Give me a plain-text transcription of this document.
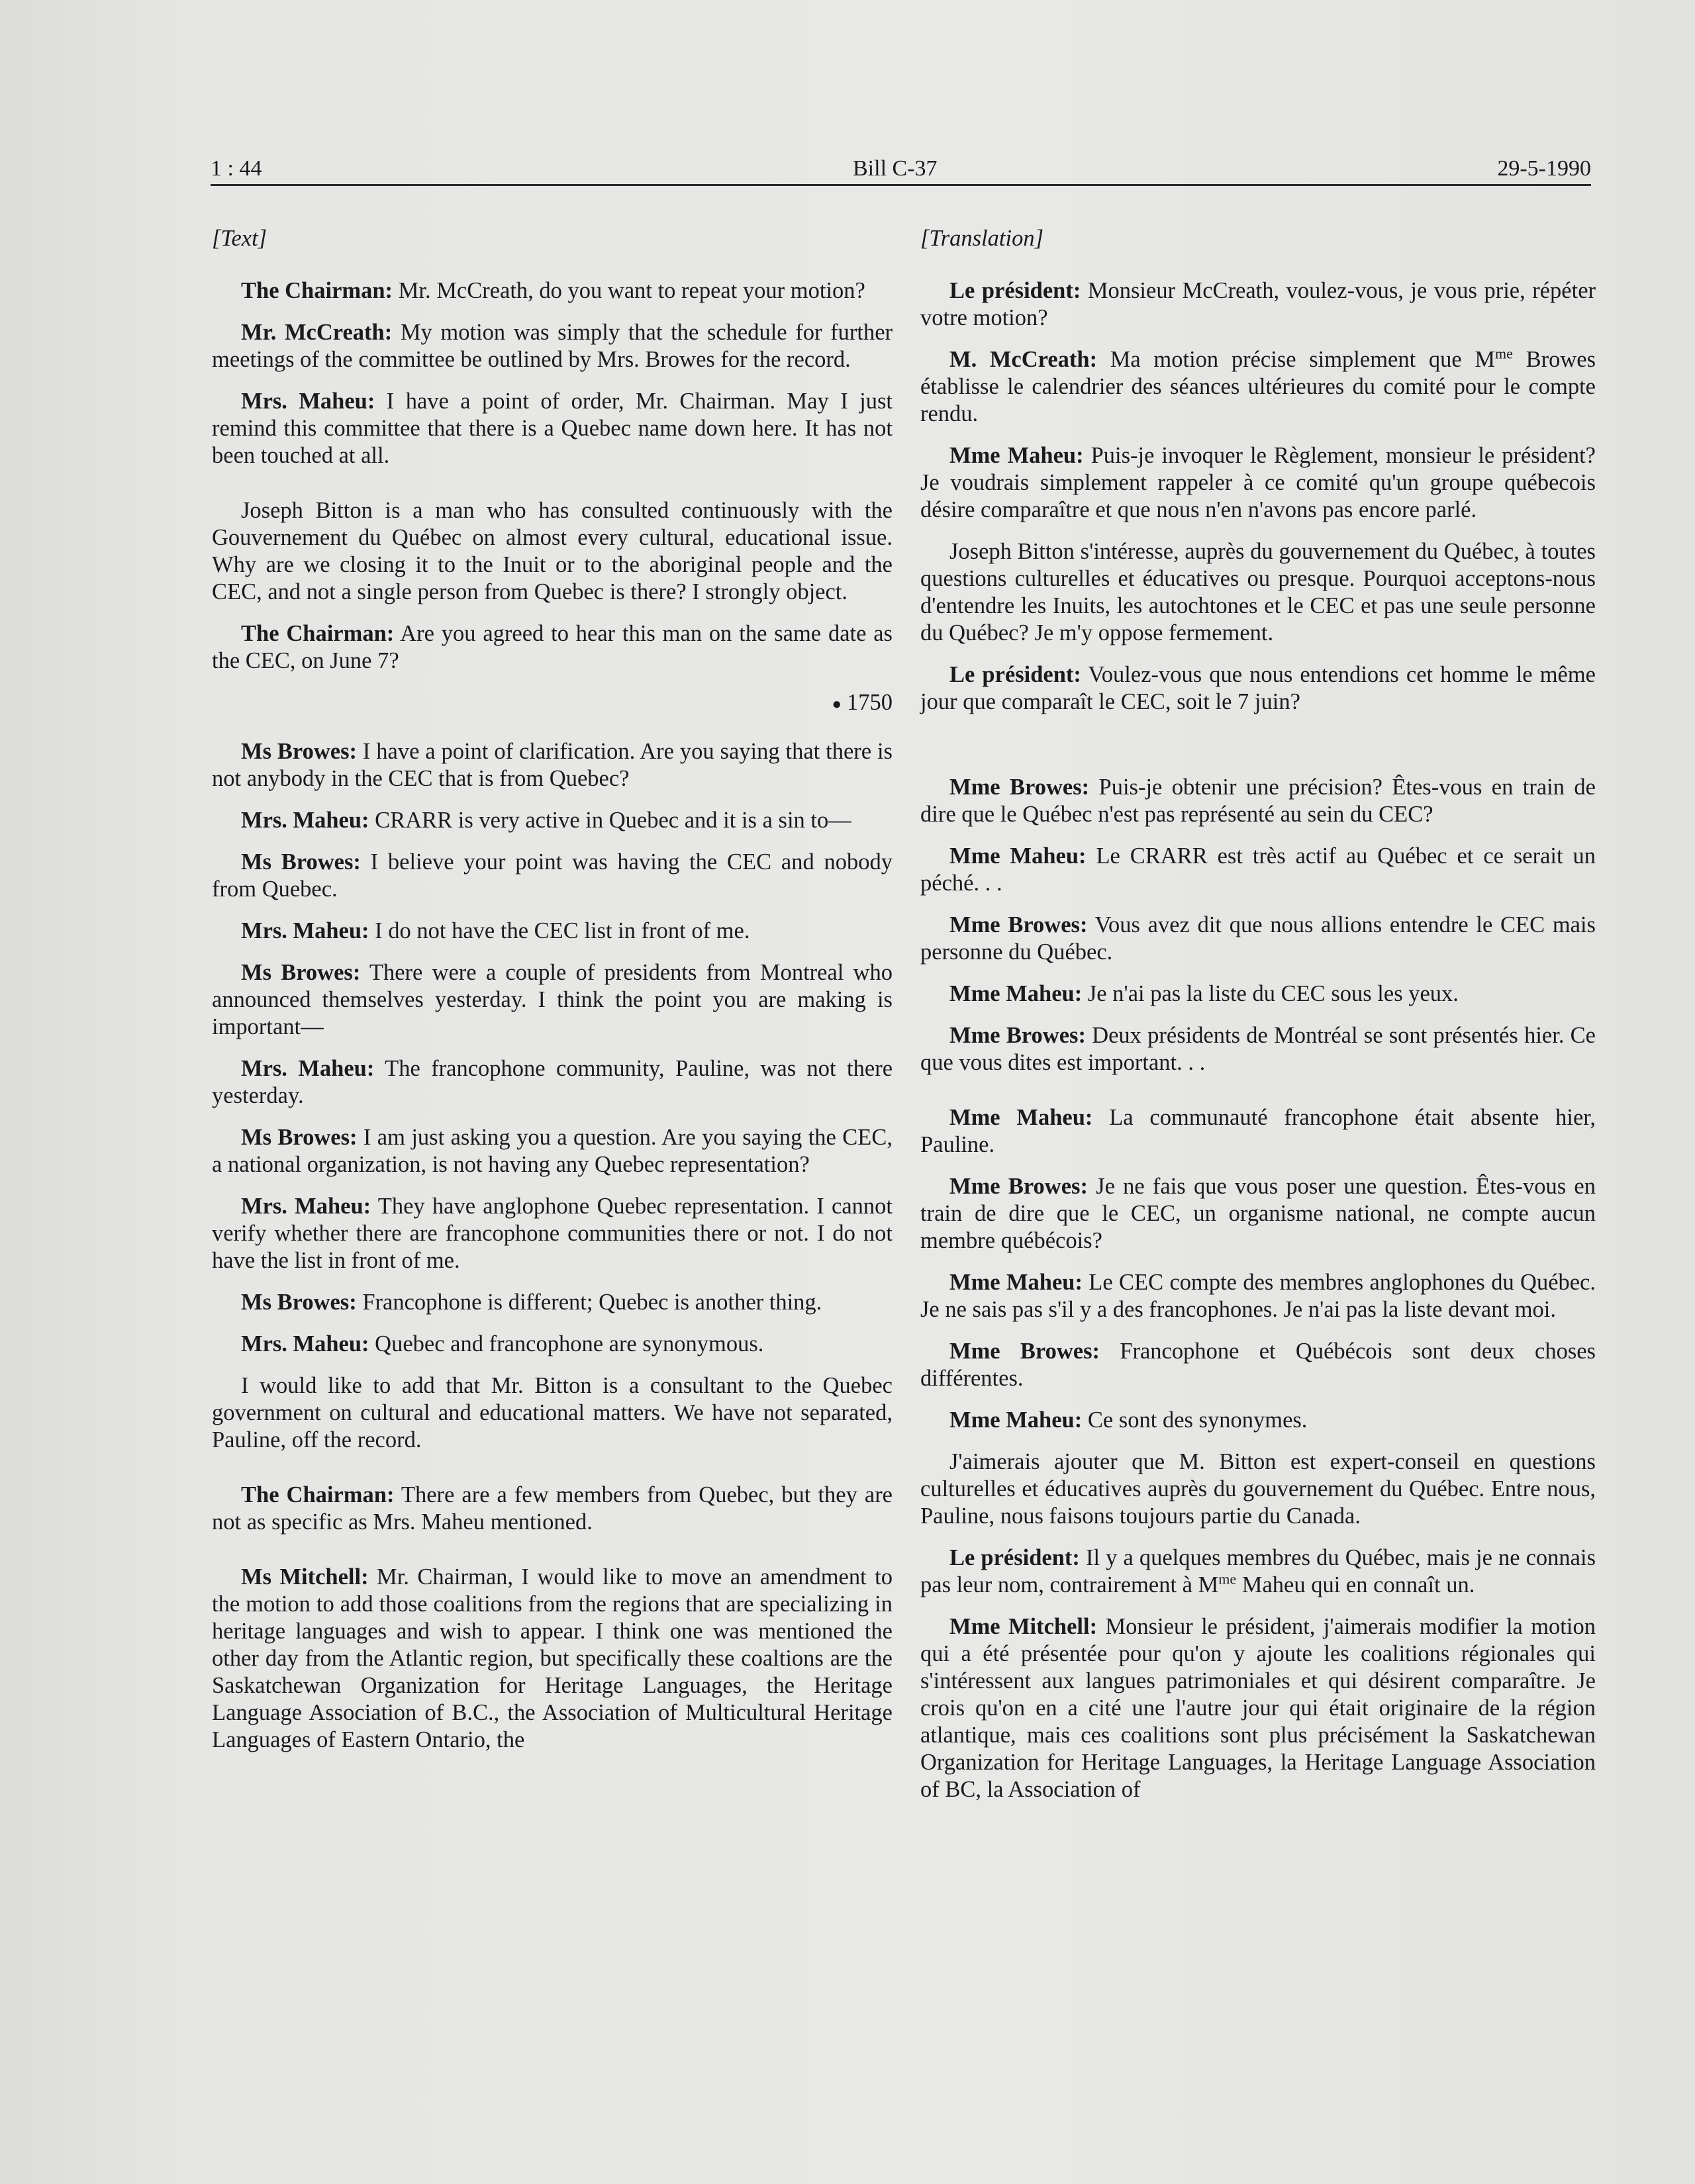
1 : 44	Bill C-37	29-5-1990
[Text]

The Chairman: Mr. McCreath, do you want to repeat your motion?

Mr. McCreath: My motion was simply that the schedule for further meetings of the committee be outlined by Mrs. Browes for the record.

Mrs. Maheu: I have a point of order, Mr. Chairman. May I just remind this committee that there is a Quebec name down here. It has not been touched at all.

Joseph Bitton is a man who has consulted continuously with the Gouvernement du Québec on almost every cultural, educational issue. Why are we closing it to the Inuit or to the aboriginal people and the CEC, and not a single person from Quebec is there? I strongly object.

The Chairman: Are you agreed to hear this man on the same date as the CEC, on June 7?

● 1750

Ms Browes: I have a point of clarification. Are you saying that there is not anybody in the CEC that is from Quebec?

Mrs. Maheu: CRARR is very active in Quebec and it is a sin to—

Ms Browes: I believe your point was having the CEC and nobody from Quebec.

Mrs. Maheu: I do not have the CEC list in front of me.

Ms Browes: There were a couple of presidents from Montreal who announced themselves yesterday. I think the point you are making is important—

Mrs. Maheu: The francophone community, Pauline, was not there yesterday.

Ms Browes: I am just asking you a question. Are you saying the CEC, a national organization, is not having any Quebec representation?

Mrs. Maheu: They have anglophone Quebec representation. I cannot verify whether there are francophone communities there or not. I do not have the list in front of me.

Ms Browes: Francophone is different; Quebec is another thing.

Mrs. Maheu: Quebec and francophone are synonymous.

I would like to add that Mr. Bitton is a consultant to the Quebec government on cultural and educational matters. We have not separated, Pauline, off the record.

The Chairman: There are a few members from Quebec, but they are not as specific as Mrs. Maheu mentioned.

Ms Mitchell: Mr. Chairman, I would like to move an amendment to the motion to add those coalitions from the regions that are specializing in heritage languages and wish to appear. I think one was mentioned the other day from the Atlantic region, but specifically these coaltions are the Saskatchewan Organization for Heritage Languages, the Heritage Language Association of B.C., the Association of Multicultural Heritage Languages of Eastern Ontario, the

[Translation]

Le président: Monsieur McCreath, voulez-vous, je vous prie, répéter votre motion?

M. McCreath: Ma motion précise simplement que $M^{me}$ Browes établisse le calendrier des séances ultérieures du comité pour le compte rendu.

Mme Maheu: Puis-je invoquer le Règlement, monsieur le président? Je voudrais simplement rappeler à ce comité qu'un groupe québecois désire comparaître et que nous n'en n'avons pas encore parlé.

Joseph Bitton s'intéresse, auprès du gouvernement du Québec, à toutes questions culturelles et éducatives ou presque. Pourquoi acceptons-nous d'entendre les Inuits, les autochtones et le CEC et pas une seule personne du Québec? Je m'y oppose fermement.

Le président: Voulez-vous que nous entendions cet homme le même jour que comparaît le CEC, soit le 7 juin?

Mme Browes: Puis-je obtenir une précision? Êtes-vous en train de dire que le Québec n'est pas représenté au sein du CEC?

Mme Maheu: Le CRARR est très actif au Québec et ce serait un péché. . .

Mme Browes: Vous avez dit que nous allions entendre le CEC mais personne du Québec.

Mme Maheu: Je n'ai pas la liste du CEC sous les yeux.

Mme Browes: Deux présidents de Montréal se sont présentés hier. Ce que vous dites est important. . .

Mme Maheu: La communauté francophone était absente hier, Pauline.

Mme Browes: Je ne fais que vous poser une question. Êtes-vous en train de dire que le CEC, un organisme national, ne compte aucun membre québécois?

Mme Maheu: Le CEC compte des membres anglophones du Québec. Je ne sais pas s'il y a des francophones. Je n'ai pas la liste devant moi.

Mme Browes: Francophone et Québécois sont deux choses différentes.

Mme Maheu: Ce sont des synonymes.

J'aimerais ajouter que M. Bitton est expert-conseil en questions culturelles et éducatives auprès du gouvernement du Québec. Entre nous, Pauline, nous faisons toujours partie du Canada.

Le président: Il y a quelques membres du Québec, mais je ne connais pas leur nom, contrairement à $M^{me}$ Maheu qui en connaît un.

Mme Mitchell: Monsieur le président, j'aimerais modifier la motion qui a été présentée pour qu'on y ajoute les coalitions régionales qui s'intéressent aux langues patrimoniales et qui désirent comparaître. Je crois qu'on en a cité une l'autre jour qui était originaire de la région atlantique, mais ces coalitions sont plus précisément la Saskatchewan Organization for Heritage Languages, la Heritage Language Association of BC, la Association of
